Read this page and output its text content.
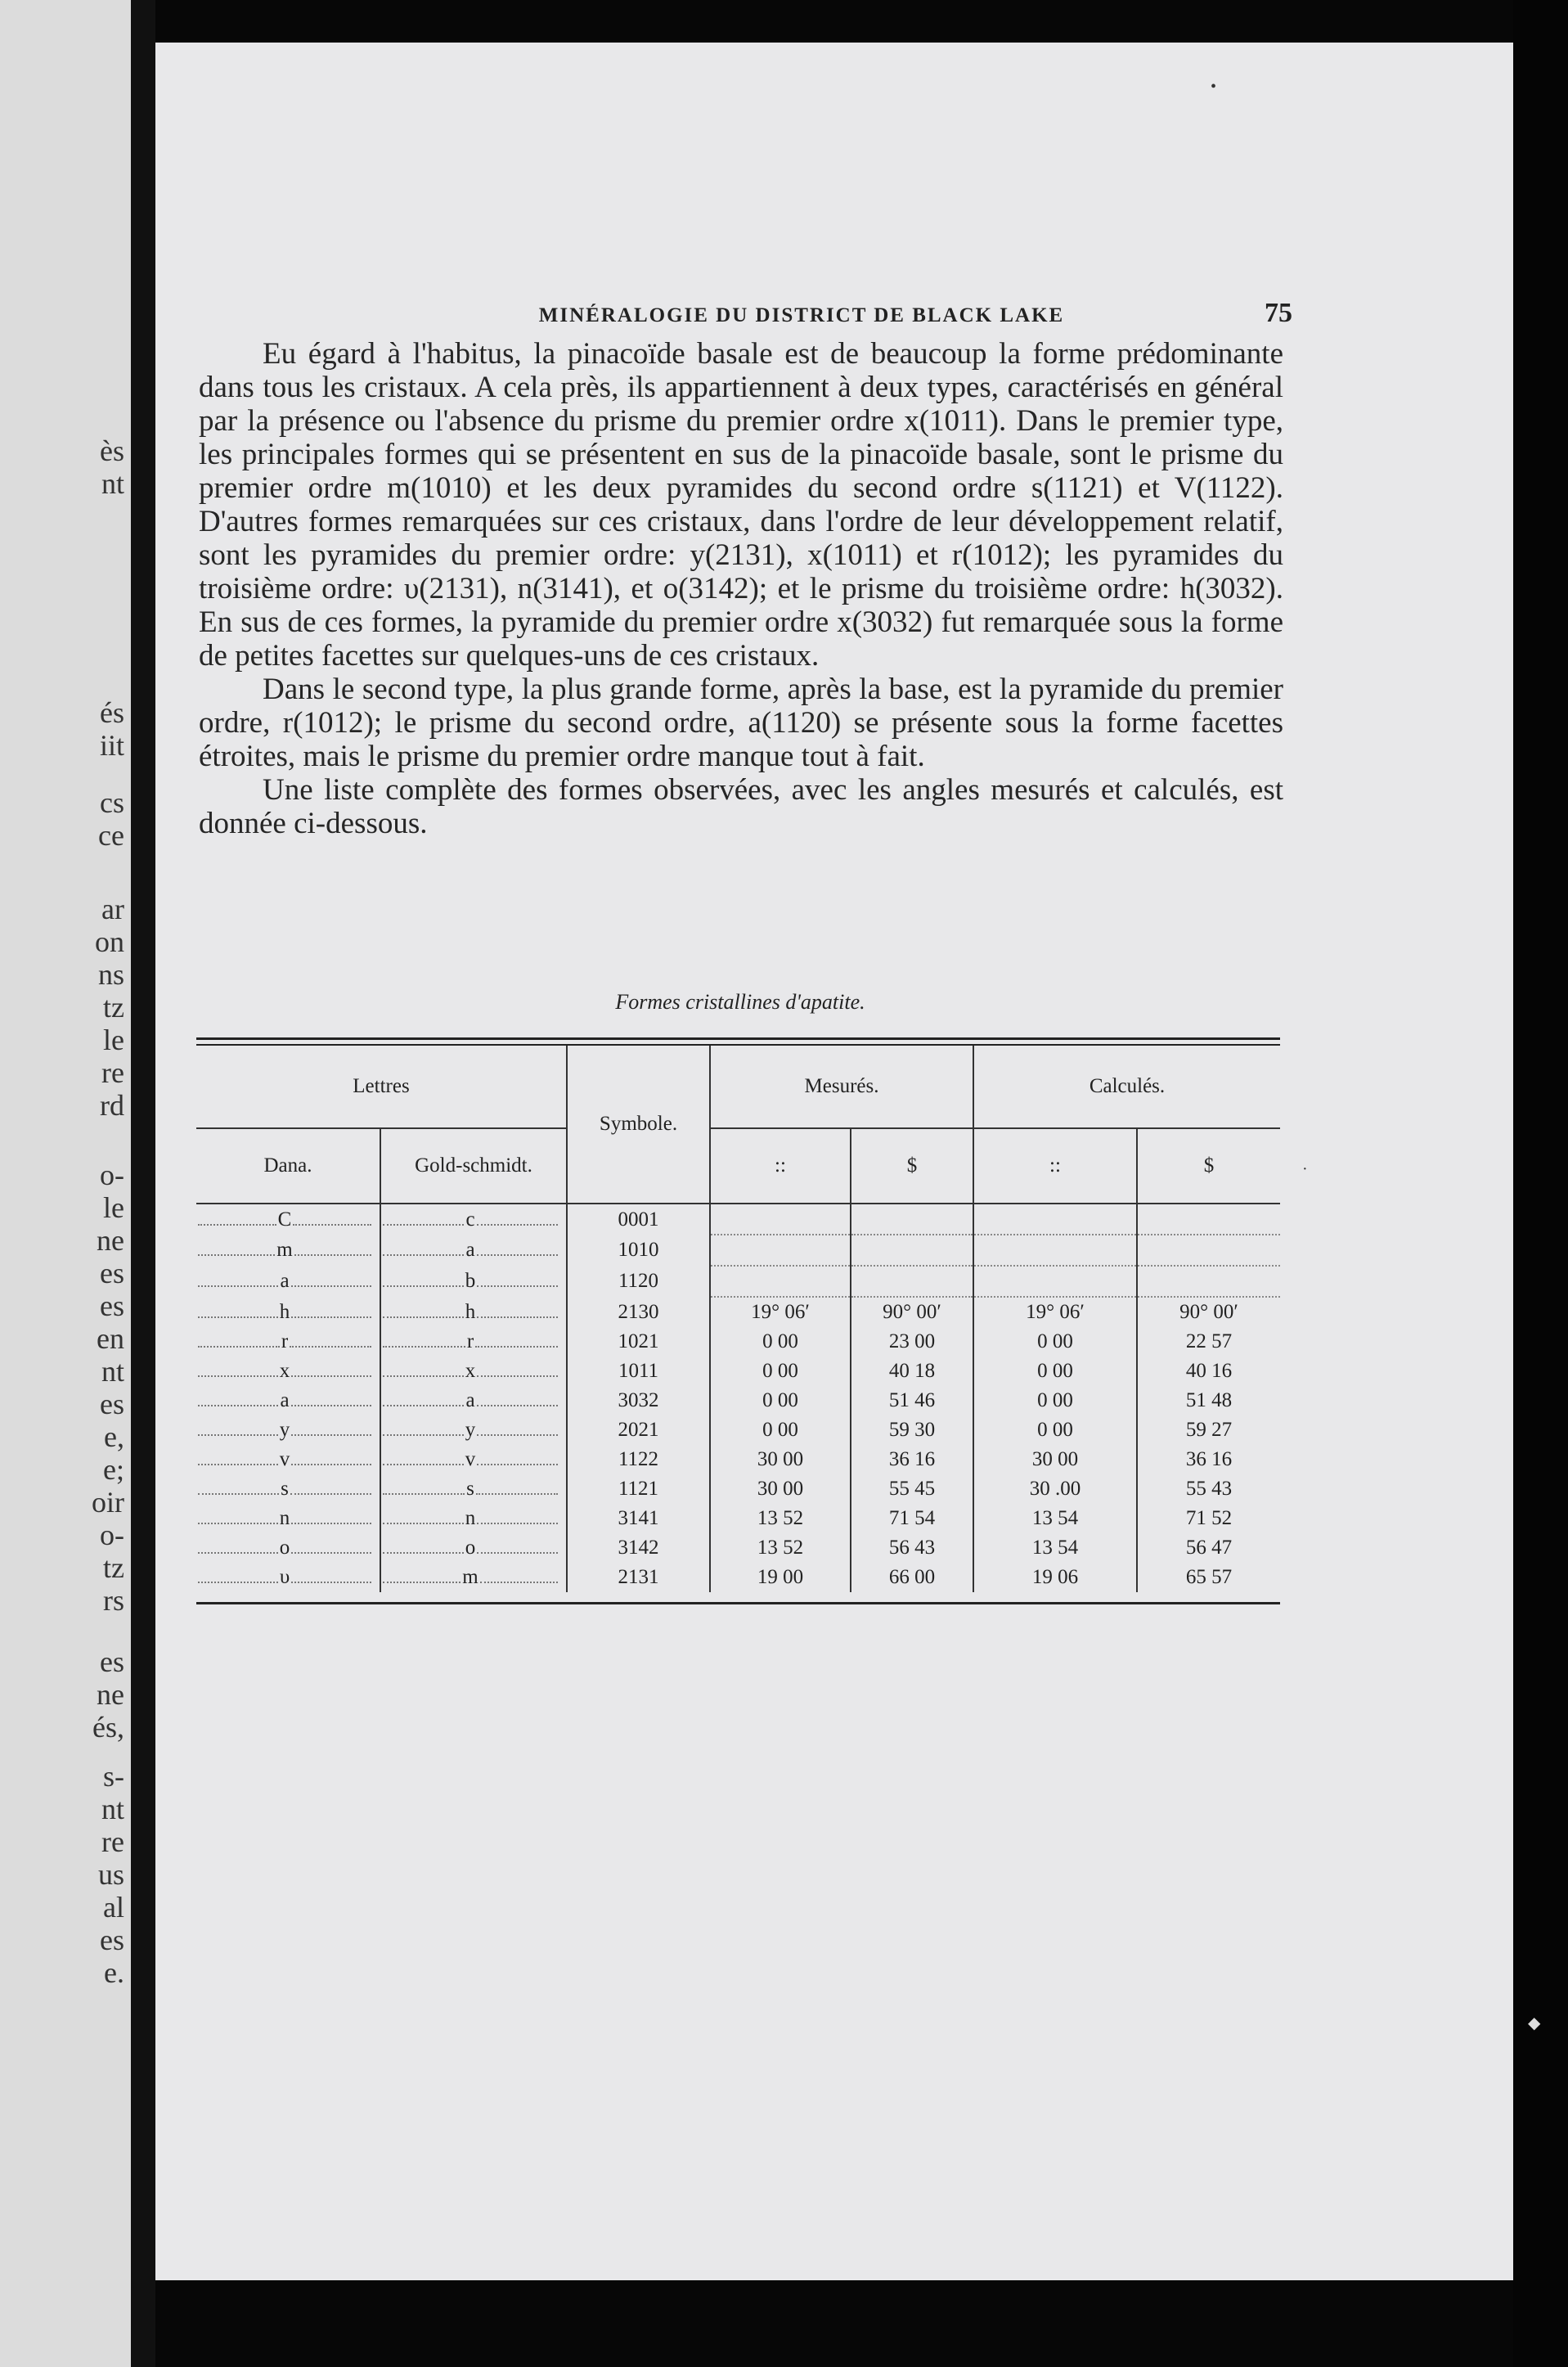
ès
nt
és
iit
cs
ce
ar
on
ns
tz
le
re
rd
o-
le
ne
es
es
en
nt
es
e,
e;
oir
o-
tz
rs
es
ne
és,
s-
nt
re
us
al
es
e.
MINÉRALOGIE DU DISTRICT DE BLACK LAKE	75

Eu égard à l'habitus, la pinacoïde basale est de beaucoup la forme prédominante dans tous les cristaux. A cela près, ils appartiennent à deux types, caractérisés en général par la présence ou l'absence du prisme du premier ordre x(1011). Dans le premier type, les principales formes qui se présentent en sus de la pinacoïde basale, sont le prisme du premier ordre m(1010) et les deux pyramides du second ordre s(1121) et V(1122). D'autres formes remarquées sur ces cristaux, dans l'ordre de leur développement relatif, sont les pyramides du premier ordre: y(2131), x(1011) et r(1012); les pyramides du troisième ordre: υ(2131), n(3141), et o(3142); et le prisme du troisième ordre: h(3032). En sus de ces formes, la pyramide du premier ordre x(3032) fut remarquée sous la forme de petites facettes sur quelques-uns de ces cristaux.

Dans le second type, la plus grande forme, après la base, est la pyramide du premier ordre, r(1012); le prisme du second ordre, a(1120) se présente sous la forme facettes étroites, mais le prisme du premier ordre manque tout à fait.

Une liste complète des formes observées, avec les angles mesurés et calculés, est donnée ci-dessous.

Formes cristallines d'apatite.
Lettres		Symbole.	Mesurés.		Calculés.	
Dana.	Gold-schmidt.		::	$	::	$

C	c	0001				

m	a	1010				

a	b	1120				

h	h	2130	19° 06′	90° 00′	19° 06′	90° 00′

r	r	1021	0 00	23 00	0 00	22 57

x	x	1011	0 00	40 18	0 00	40 16

a	a	3032	0 00	51 46	0 00	51 48

y	y	2021	0 00	59 30	0 00	59 27

v	v	1122	30 00	36 16	30 00	36 16

s	s	1121	30 00	55 45	30 .00	55 43

n	n	3141	13 52	71 54	13 54	71 52

o	o	3142	13 52	56 43	13 54	56 47

υ	m	2131	19 00	66 00	19 06	65 57
•
·
◆
